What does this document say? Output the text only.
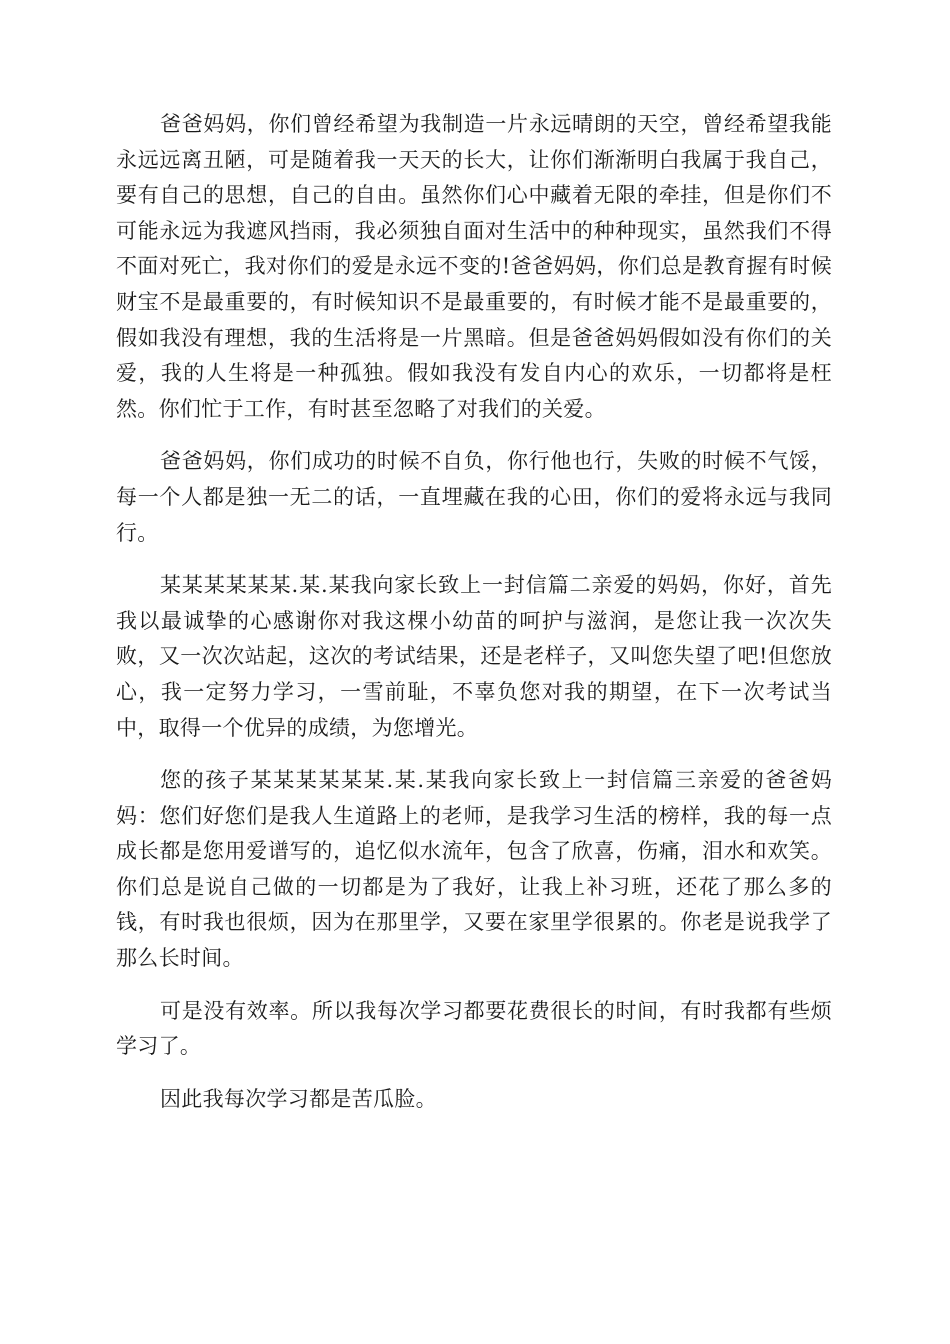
爸爸妈妈，你们曾经希望为我制造一片永远晴朗的天空，曾经希望我能永远远离丑陋，可是随着我一天天的长大，让你们渐渐明白我属于我自己，要有自己的思想，自己的自由。虽然你们心中藏着无限的牵挂，但是你们不可能永远为我遮风挡雨，我必须独自面对生活中的种种现实，虽然我们不得不面对死亡，我对你们的爱是永远不变的!爸爸妈妈，你们总是教育握有时候财宝不是最重要的，有时候知识不是最重要的，有时候才能不是最重要的，假如我没有理想，我的生活将是一片黑暗。但是爸爸妈妈假如没有你们的关爱，我的人生将是一种孤独。假如我没有发自内心的欢乐，一切都将是枉然。你们忙于工作，有时甚至忽略了对我们的关爱。

爸爸妈妈，你们成功的时候不自负，你行他也行，失败的时候不气馁，每一个人都是独一无二的话，一直埋藏在我的心田，你们的爱将永远与我同行。

某某某某某某.某.某我向家长致上一封信篇二亲爱的妈妈，你好，首先我以最诚挚的心感谢你对我这棵小幼苗的呵护与滋润，是您让我一次次失败，又一次次站起，这次的考试结果，还是老样子，又叫您失望了吧!但您放心，我一定努力学习，一雪前耻，不辜负您对我的期望，在下一次考试当中，取得一个优异的成绩，为您增光。

您的孩子某某某某某某.某.某我向家长致上一封信篇三亲爱的爸爸妈妈：您们好您们是我人生道路上的老师，是我学习生活的榜样，我的每一点成长都是您用爱谱写的，追忆似水流年，包含了欣喜，伤痛，泪水和欢笑。你们总是说自己做的一切都是为了我好，让我上补习班，还花了那么多的钱，有时我也很烦，因为在那里学，又要在家里学很累的。你老是说我学了那么长时间。

可是没有效率。所以我每次学习都要花费很长的时间，有时我都有些烦学习了。

因此我每次学习都是苦瓜脸。
